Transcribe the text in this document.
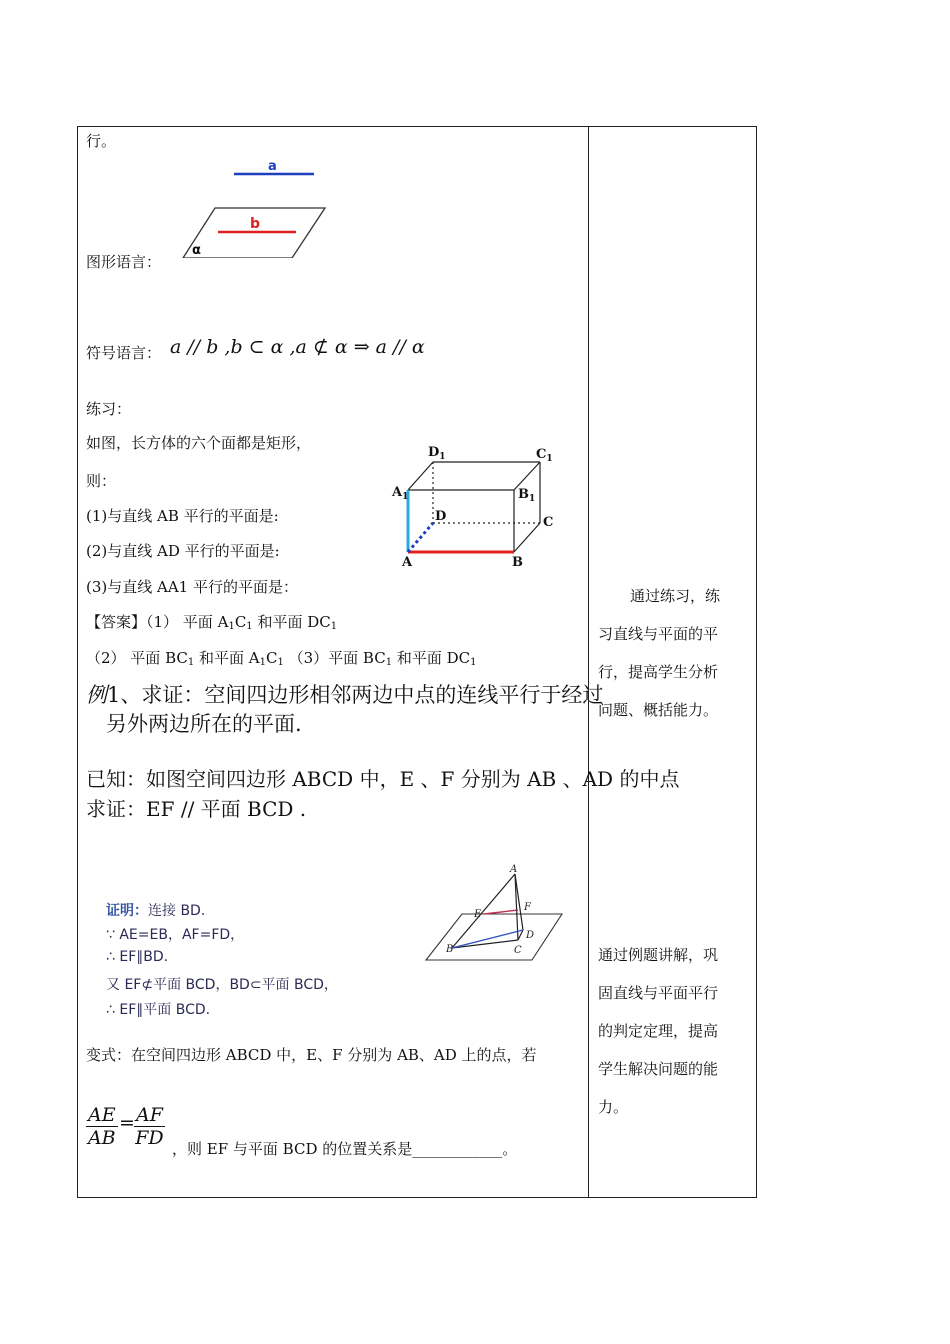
行。
a
b
α
图形语言：
符号语言： a // b ,b ⊂ α ,a ⊄ α ⇒ a // α
练习：
如图，长方体的六个面都是矩形，
则：
(1)与直线 AB 平行的平面是:
(2)与直线 AD 平行的平面是:
(3)与直线 AA1 平行的平面是：
$D_1$	$C_1$
$A_1$	$B_1$
D	C
A	B
【答案】（1） 平面 $A_1C_1$ 和平面 $DC_1$
（2） 平面 $BC_1$ 和平面 $A_1C_1$ （3）平面 $BC_1$ 和平面 $DC_1$
例1、求证：空间四边形相邻两边中点的连线平行于经过
另外两边所在的平面.
已知：如图空间四边形 ABCD 中，E 、F 分别为 AB 、AD 的中点
求证：EF // 平面 BCD .
证明：连接 BD.
∵ AE=EB，AF=FD，
∴ EF∥BD.
又 EF⊄平面 BCD，BD⊂平面 BCD，
∴ EF∥平面 BCD.
A
E
F
B	C
D
变式：在空间四边形 ABCD 中，E、F 分别为 AB、AD 上的点，若
$\frac{AE}{AB} = \frac{AF}{FD}$ ，则 EF 与平面 BCD 的位置关系是____________。

通过练习，练

习直线与平面的平

行，提高学生分析

问题、概括能力。

通过例题讲解，巩

固直线与平面平行

的判定定理，提高

学生解决问题的能

力。
